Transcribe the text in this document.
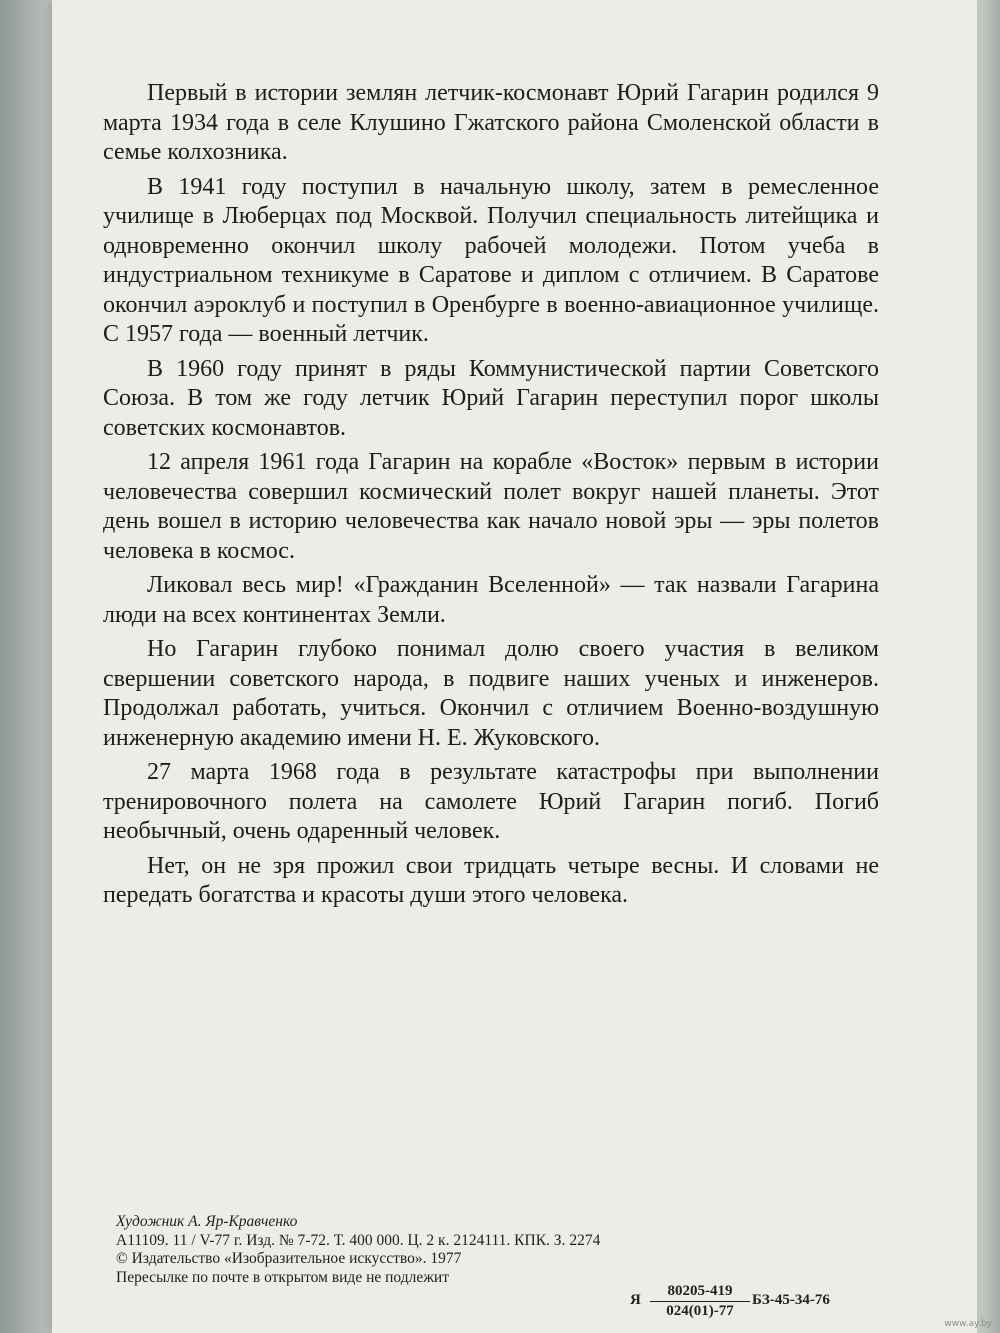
Первый в истории землян летчик-космонавт Юрий Гагарин родился 9 марта 1934 года в селе Клушино Гжатского района Смоленской области в семье колхозника.

В 1941 году поступил в начальную школу, затем в ремесленное училище в Люберцах под Москвой. Получил специальность литейщика и одновременно окончил школу рабочей молодежи. Потом учеба в индустриальном техникуме в Саратове и диплом с отличием. В Саратове окончил аэроклуб и поступил в Оренбурге в военно-авиационное училище. С 1957 года — военный летчик.

В 1960 году принят в ряды Коммунистической партии Советского Союза. В том же году летчик Юрий Гагарин переступил порог школы советских космонавтов.

12 апреля 1961 года Гагарин на корабле «Восток» первым в истории человечества совершил космический полет вокруг нашей планеты. Этот день вошел в историю человечества как начало новой эры — эры полетов человека в космос.

Ликовал весь мир! «Гражданин Вселенной» — так назвали Гагарина люди на всех континентах Земли.

Но Гагарин глубоко понимал долю своего участия в великом свершении советского народа, в подвиге наших ученых и инженеров. Продолжал работать, учиться. Окончил с отличием Военно-воздушную инженерную академию имени Н. Е. Жуковского.

27 марта 1968 года в результате катастрофы при выполнении тренировочного полета на самолете Юрий Гагарин погиб. Погиб необычный, очень одаренный человек.

Нет, он не зря прожил свои тридцать четыре весны. И словами не передать богатства и красоты души этого человека.

Художник А. Яр-Кравченко
А11109. 11 / V-77 г. Изд. № 7-72. Т. 400 000. Ц. 2 к. 2124111. КПК. З. 2274
© Издательство «Изобразительное искусство». 1977
Пересылке по почте в открытом виде не подлежит
Я $\frac{80205-419}{024(01)-77} БЗ-45-34-76$
www.ay.by
